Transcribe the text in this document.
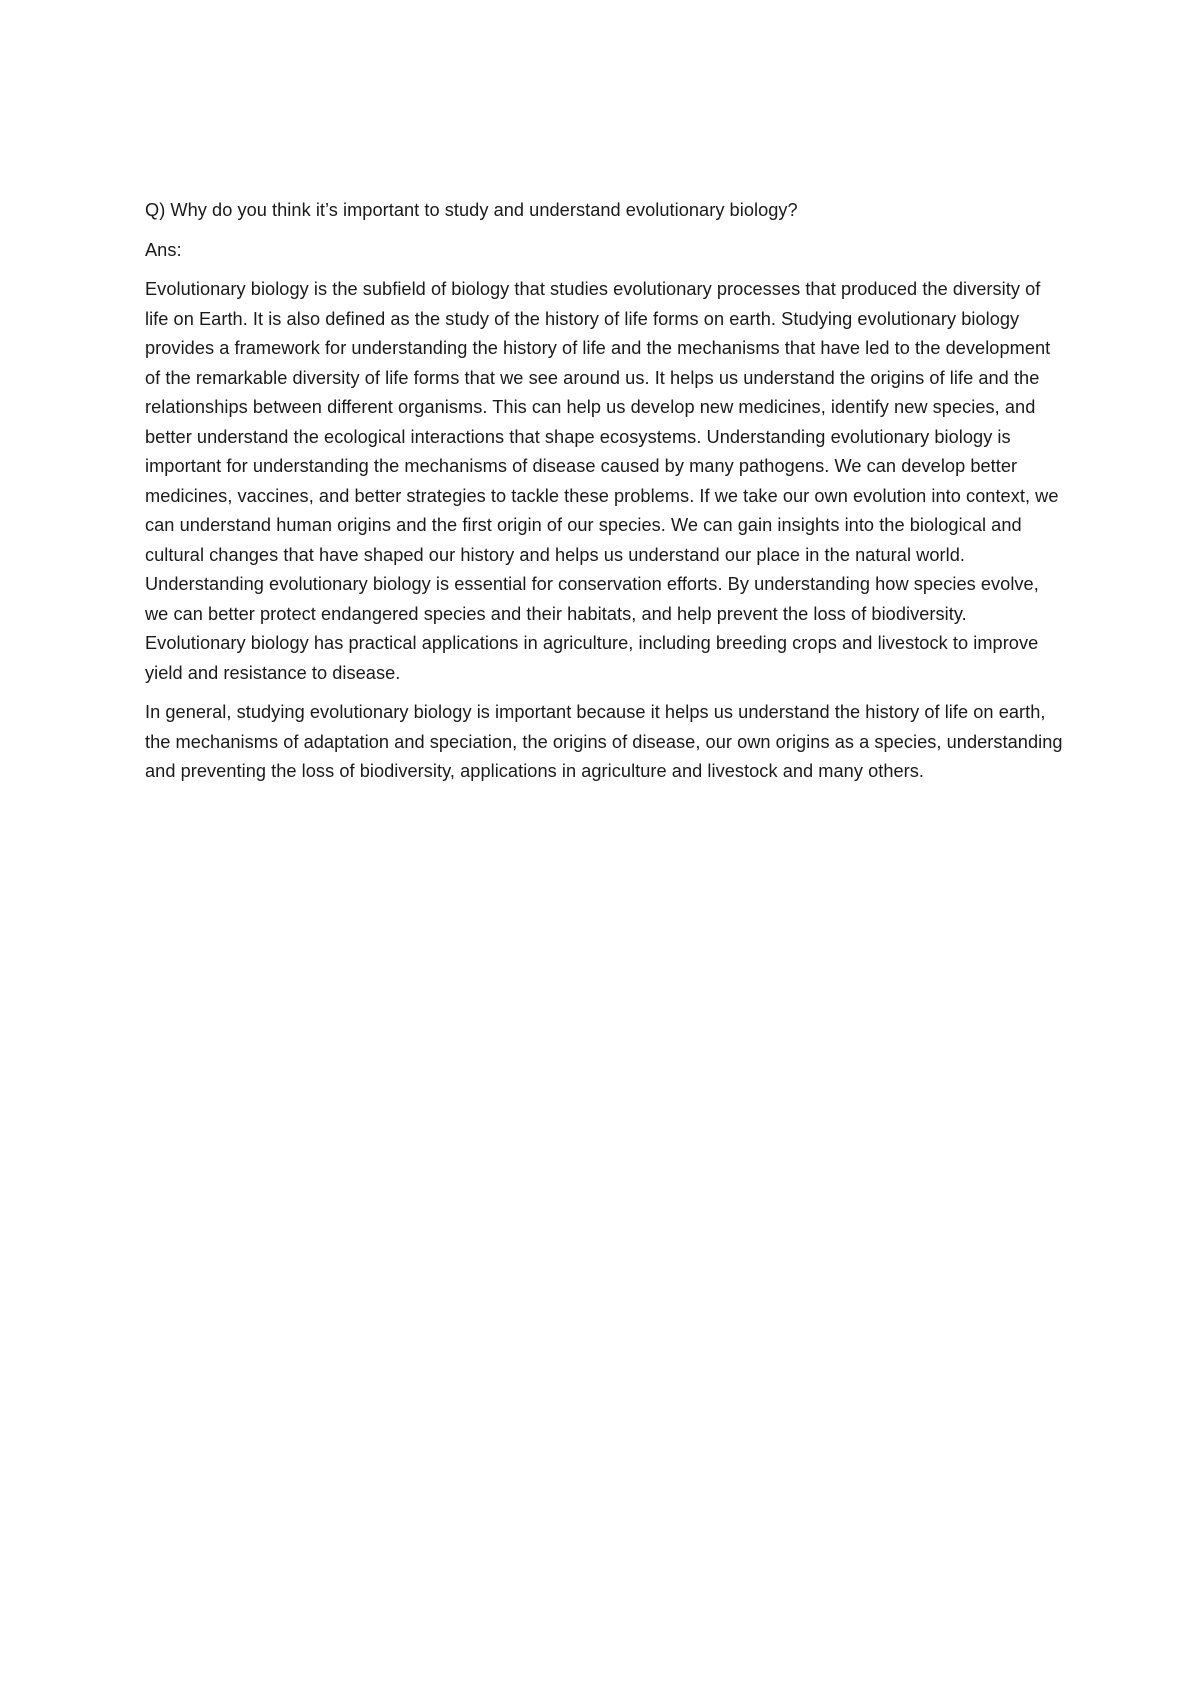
Q) Why do you think it’s important to study and understand evolutionary biology?

Ans:

Evolutionary biology is the subfield of biology that studies evolutionary processes that produced the diversity of life on Earth. It is also defined as the study of the history of life forms on earth. Studying evolutionary biology provides a framework for understanding the history of life and the mechanisms that have led to the development of the remarkable diversity of life forms that we see around us. It helps us understand the origins of life and the relationships between different organisms. This can help us develop new medicines, identify new species, and better understand the ecological interactions that shape ecosystems. Understanding evolutionary biology is important for understanding the mechanisms of disease caused by many pathogens. We can develop better medicines, vaccines, and better strategies to tackle these problems. If we take our own evolution into context, we can understand human origins and the first origin of our species. We can gain insights into the biological and cultural changes that have shaped our history and helps us understand our place in the natural world. Understanding evolutionary biology is essential for conservation efforts. By understanding how species evolve, we can better protect endangered species and their habitats, and help prevent the loss of biodiversity. Evolutionary biology has practical applications in agriculture, including breeding crops and livestock to improve yield and resistance to disease.

In general, studying evolutionary biology is important because it helps us understand the history of life on earth, the mechanisms of adaptation and speciation, the origins of disease, our own origins as a species, understanding and preventing the loss of biodiversity, applications in agriculture and livestock and many others.
